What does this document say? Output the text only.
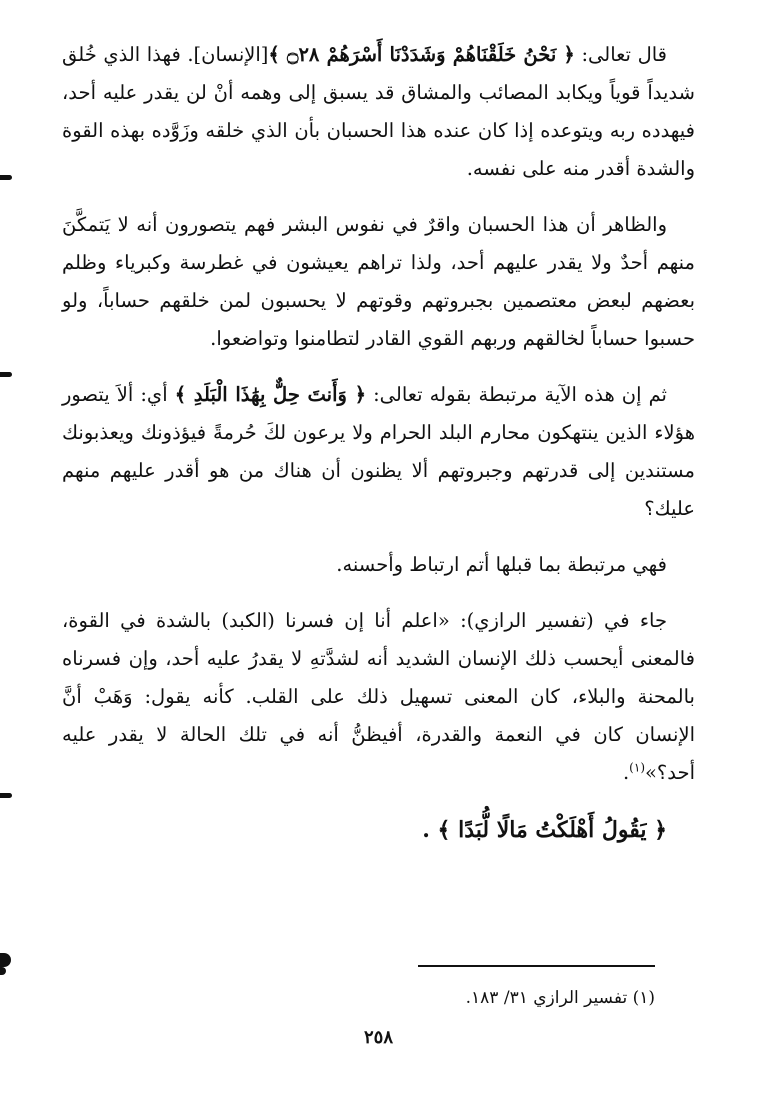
قال تعالى: ﴿ نَحْنُ خَلَقْنَاهُمْ وَشَدَدْنَا أَسْرَهُمْ ۝٢٨ ﴾[الإنسان]. فهذا الذي خُلق شديداً قوياً ويكابد المصائب والمشاق قد يسبق إلى وهمه أنْ لن يقدر عليه أحد، فيهدده ربه ويتوعده إذا كان عنده هذا الحسبان بأن الذي خلقه وزَوَّده بهذه القوة والشدة أقدر منه على نفسه.

والظاهر أن هذا الحسبان واقرٌ في نفوس البشر فهم يتصورون أنه لا يَتمكَّنَ منهم أحدٌ ولا يقدر عليهم أحد، ولذا تراهم يعيشون في غطرسة وكبرياء وظلم بعضهم لبعض معتصمين بجبروتهم وقوتهم لا يحسبون لمن خلقهم حساباً، ولو حسبوا حساباً لخالقهم وربهم القوي القادر لتطامنوا وتواضعوا.

ثم إن هذه الآية مرتبطة بقوله تعالى: ﴿ وَأَنتَ حِلٌّ بِهَٰذَا الْبَلَدِ ﴾ أي: ألاَ يتصور هؤلاء الذين ينتهكون محارم البلد الحرام ولا يرعون لكَ حُرمةً فيؤذونك ويعذبونك مستندين إلى قدرتهم وجبروتهم ألا يظنون أن هناك من هو أقدر عليهم منهم عليك؟

فهي مرتبطة بما قبلها أتم ارتباط وأحسنه.

جاء في (تفسير الرازي): «اعلم أنا إن فسرنا (الكبد) بالشدة في القوة، فالمعنى أيحسب ذلك الإنسان الشديد أنه لشدَّتهِ لا يقدرُ عليه أحد، وإن فسرناه بالمحنة والبلاء، كان المعنى تسهيل ذلك على القلب. كأنه يقول: وَهَبْ أنَّ الإنسان كان في النعمة والقدرة، أفيظنُّ أنه في تلك الحالة لا يقدر عليه أحد؟»$^{(١)}$.

﴿ يَقُولُ أَهْلَكْتُ مَالًا لُّبَدًا ﴾ .

(١) تفسير الرازي ٣١/ ١٨٣.
٢٥٨
